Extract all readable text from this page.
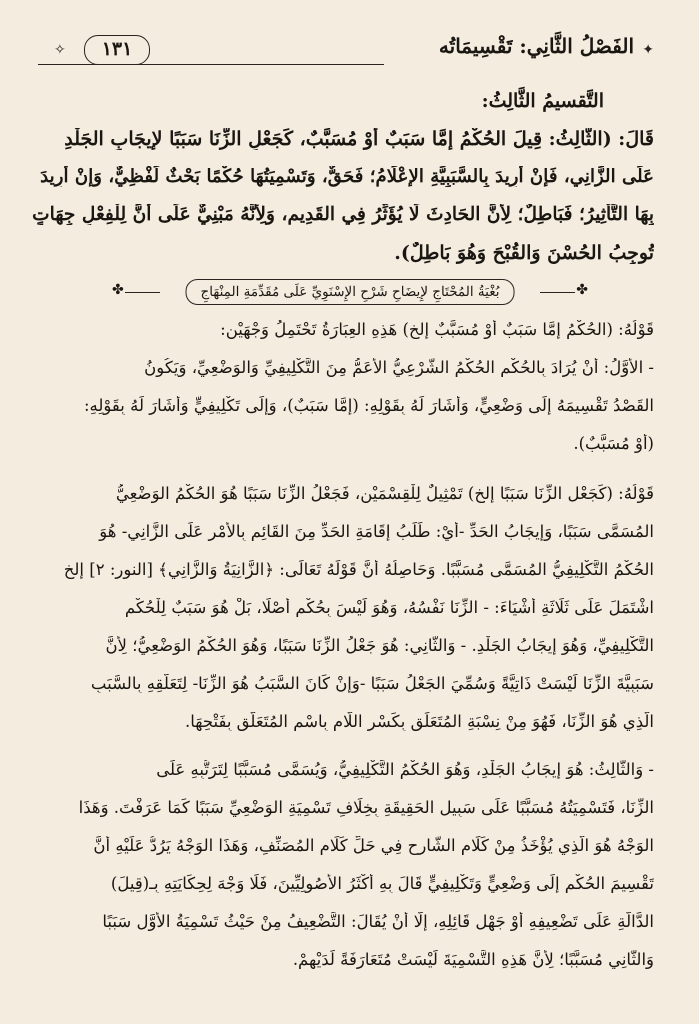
✦
الفَصْلُ الثَّانِي: تَقْسِيمَاتُه
١٣١
✧
التَّقسيمُ الثَّالِثُ:
قَالَ: (الثَّالِثُ: قِيلَ الحُكْمُ إِمَّا سَبَبٌ أَوْ مُسَبَّبٌ، كَجَعْلِ الزِّنَا سَبَبًا لإِيجَابِ الجَلْدِ
عَلَى الزَّانِي، فَإِنْ أُرِيدَ بِالسَّبَبِيَّةِ الإِعْلَامُ؛ فَحَقٌّ، وَتَسْمِيَتُهَا حُكْمًا بَحْثٌ لَفْظِيٌّ، وَإِنْ أُرِيدَ
بِهَا التَّأْثِيرُ؛ فَبَاطِلٌ؛ لِأَنَّ الحَادِثَ لَا يُؤَثِّرُ فِي القَدِيمِ، وَلِأَنَّهُ مَبْنِيٌّ عَلَى أَنَّ لِلْفِعْلِ جِهَاتٍ
تُوجِبُ الحُسْنَ وَالقُبْحَ وَهُوَ بَاطِلٌ).
✤
بُغْيَةُ المُحْتَاجِ لإِيضَاحِ شَرْحِ الإِسْنَوِيِّ عَلَى مُقَدِّمَةِ المِنْهَاجِ
✤
قَوْلُهُ: (الحُكْمُ إِمَّا سَبَبٌ أَوْ مُسَبَّبٌ إلخ) هَذِهِ العِبَارَةُ تَحْتَمِلُ وَجْهَيْنِ:
- الأَوَّلُ: أَنْ يُرَادَ بِالحُكْمِ الحُكْمُ الشَّرْعِيُّ الأَعَمُّ مِنَ التَّكْلِيفِيِّ وَالوَضْعِيِّ، وَيَكُونُ
القَصْدُ تَقْسِيمَهُ إِلَى وَضْعِيٍّ، وَأَشَارَ لَهُ بِقَوْلِهِ: (إِمَّا سَبَبٌ)، وَإِلَى تَكْلِيفِيٍّ وَأَشَارَ لَهُ بِقَوْلِهِ:
(أَوْ مُسَبَّبٌ).
قَوْلُهُ: (كَجَعْلِ الزِّنَا سَبَبًا إلخ) تَمْثِيلٌ لِلْقِسْمَيْنِ، فَجَعْلُ الزِّنَا سَبَبًا هُوَ الحُكْمُ الوَضْعِيُّ
المُسَمَّى سَبَبًا، وَإِيجَابُ الحَدِّ -أَيْ: طَلَبُ إِقَامَةِ الحَدِّ مِنَ القَائِمِ بِالأَمْرِ عَلَى الزَّانِي- هُوَ
الحُكْمُ التَّكْلِيفِيُّ المُسَمَّى مُسَبَّبًا. وَحَاصِلُهُ أَنَّ قَوْلَهُ تَعَالَى: ﴿الزَّانِيَةُ وَالزَّانِي﴾ [النور: ٢] إلخ
اشْتَمَلَ عَلَى ثَلَاثَةِ أَشْيَاءَ: - الزِّنَا نَفْسُهُ، وَهُوَ لَيْسَ بِحُكْمٍ أَصْلًا، بَلْ هُوَ سَبَبٌ لِلْحُكْمِ
التَّكْلِيفِيِّ، وَهُوَ إِيجَابُ الجَلْدِ. - وَالثَّانِي: هُوَ جَعْلُ الزِّنَا سَبَبًا، وَهُوَ الحُكْمُ الوَضْعِيُّ؛ لِأَنَّ
سَبَبِيَّةَ الزِّنَا لَيْسَتْ ذَاتِيَّةً وَسُمِّيَ الجَعْلُ سَبَبًا -وَإِنْ كَانَ السَّبَبُ هُوَ الزِّنَا- لِتَعَلُّقِهِ بِالسَّبَبِ
الَّذِي هُوَ الزِّنَا، فَهُوَ مِنْ نِسْبَةِ المُتَعَلِّقِ بِكَسْرِ اللَّامِ بِاسْمِ المُتَعَلَّقِ بِفَتْحِهَا.
- وَالثَّالِثُ: هُوَ إِيجَابُ الجَلْدِ، وَهُوَ الحُكْمُ التَّكْلِيفِيُّ، وَيُسَمَّى مُسَبَّبًا لِتَرَتُّبِهِ عَلَى
الزِّنَا، فَتَسْمِيَتُهُ مُسَبَّبًا عَلَى سَبِيلِ الحَقِيقَةِ بِخِلَافِ تَسْمِيَةِ الوَضْعِيِّ سَبَبًا كَمَا عَرَفْتَ. وَهَذَا
الوَجْهُ هُوَ الَّذِي يُؤْخَذُ مِنْ كَلَامِ الشَّارِحِ فِي حَلِّ كَلَامِ المُصَنِّفِ، وَهَذَا الوَجْهُ يَرُدُّ عَلَيْهِ أَنَّ
تَقْسِيمَ الحُكْمِ إِلَى وَضْعِيٍّ وَتَكْلِيفِيٍّ قَالَ بِهِ أَكْثَرُ الأُصُولِيِّينَ، فَلَا وَجْهَ لِحِكَايَتِهِ بِـ(قِيلَ)
الدَّالَّةِ عَلَى تَضْعِيفِهِ أَوْ جَهْلِ قَائِلِهِ، إِلَّا أَنْ يُقَالَ: التَّضْعِيفُ مِنْ حَيْثُ تَسْمِيَةُ الأَوَّلِ سَبَبًا
وَالثَّانِي مُسَبَّبًا؛ لِأَنَّ هَذِهِ التَّسْمِيَةَ لَيْسَتْ مُتَعَارَفَةً لَدَيْهِمْ.
